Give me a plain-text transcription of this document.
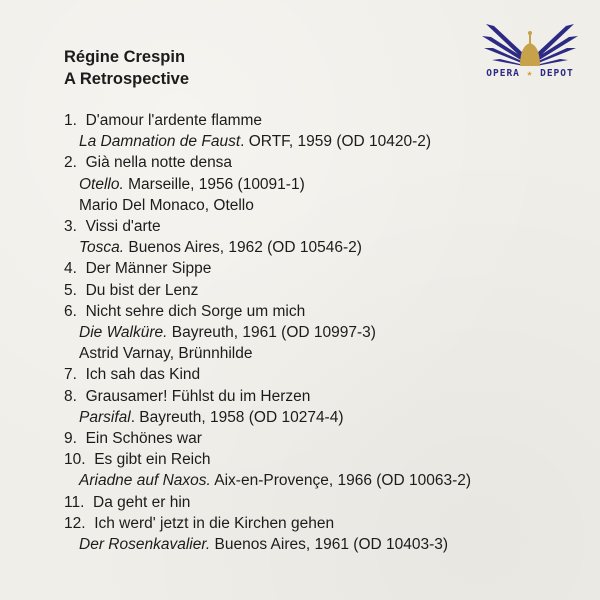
Régine Crespin
A Retrospective	OPERA ★ DEPOT
1. D'amour l'ardente flamme
La Damnation de Faust. ORTF, 1959 (OD 10420-2)
2. Già nella notte densa
Otello. Marseille, 1956 (10091-1)
Mario Del Monaco, Otello
3. Vissi d'arte
Tosca. Buenos Aires, 1962 (OD 10546-2)
4. Der Männer Sippe
5. Du bist der Lenz
6. Nicht sehre dich Sorge um mich
Die Walküre. Bayreuth, 1961 (OD 10997-3)
Astrid Varnay, Brünnhilde
7. Ich sah das Kind
8. Grausamer! Fühlst du im Herzen
Parsifal. Bayreuth, 1958 (OD 10274-4)
9. Ein Schönes war
10. Es gibt ein Reich
Ariadne auf Naxos. Aix-en-Provençe, 1966 (OD 10063-2)
11. Da geht er hin
12. Ich werd' jetzt in die Kirchen gehen
Der Rosenkavalier. Buenos Aires, 1961 (OD 10403-3)
